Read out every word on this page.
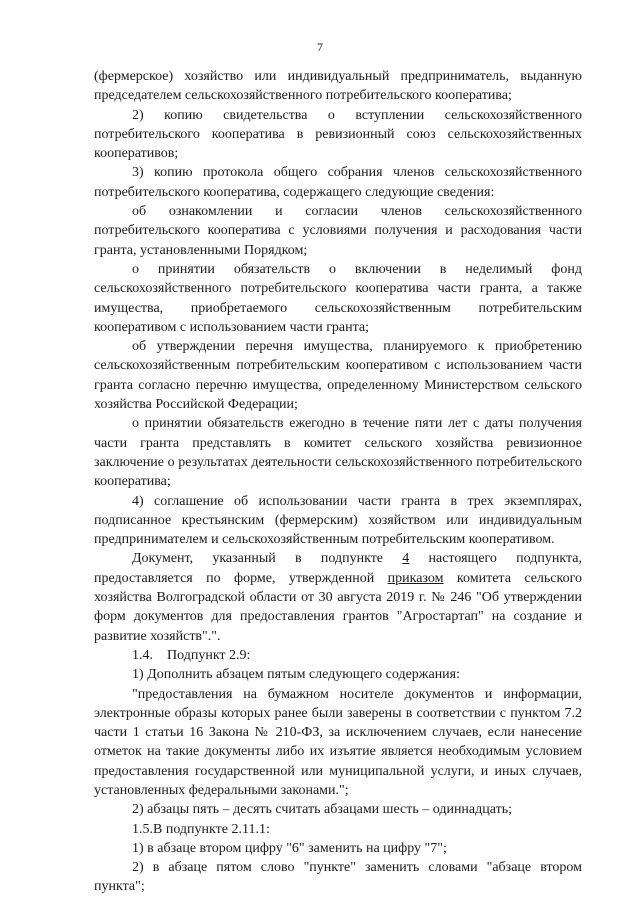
7

(фермерское) хозяйство или индивидуальный предприниматель, выданную председателем сельскохозяйственного потребительского кооператива;

2) копию свидетельства о вступлении сельскохозяйственного потребительского кооператива в ревизионный союз сельскохозяйственных кооперативов;

3) копию протокола общего собрания членов сельскохозяйственного потребительского кооператива, содержащего следующие сведения:

об ознакомлении и согласии членов сельскохозяйственного потребительского кооператива с условиями получения и расходования части гранта, установленными Порядком;

о принятии обязательств о включении в неделимый фонд сельскохозяйственного потребительского кооператива части гранта, а также имущества, приобретаемого сельскохозяйственным потребительским кооперативом с использованием части гранта;

об утверждении перечня имущества, планируемого к приобретению сельскохозяйственным потребительским кооперативом с использованием части гранта согласно перечню имущества, определенному Министерством сельского хозяйства Российской Федерации;

о принятии обязательств ежегодно в течение пяти лет с даты получения части гранта представлять в комитет сельского хозяйства ревизионное заключение о результатах деятельности сельскохозяйственного потребительского кооператива;

4) соглашение об использовании части гранта в трех экземплярах, подписанное крестьянским (фермерским) хозяйством или индивидуальным предпринимателем и сельскохозяйственным потребительским кооперативом.

Документ, указанный в подпункте 4 настоящего подпункта, предоставляется по форме, утвержденной приказом комитета сельского хозяйства Волгоградской области от 30 августа 2019 г. № 246 "Об утверждении форм документов для предоставления грантов "Агростартап" на создание и развитие хозяйств".".

1.4.    Подпункт 2.9:

1) Дополнить абзацем пятым следующего содержания:

"предоставления на бумажном носителе документов и информации, электронные образы которых ранее были заверены в соответствии с пунктом 7.2 части 1 статьи 16 Закона № 210-ФЗ, за исключением случаев, если нанесение отметок на такие документы либо их изъятие является необходимым условием предоставления государственной или муниципальной услуги, и иных случаев, установленных федеральными законами.";

2) абзацы пять – десять считать абзацами шесть – одиннадцать;

1.5.В подпункте 2.11.1:

1) в абзаце втором цифру "6" заменить на цифру "7";

2) в абзаце пятом слово "пункте" заменить словами "абзаце втором пункта";
